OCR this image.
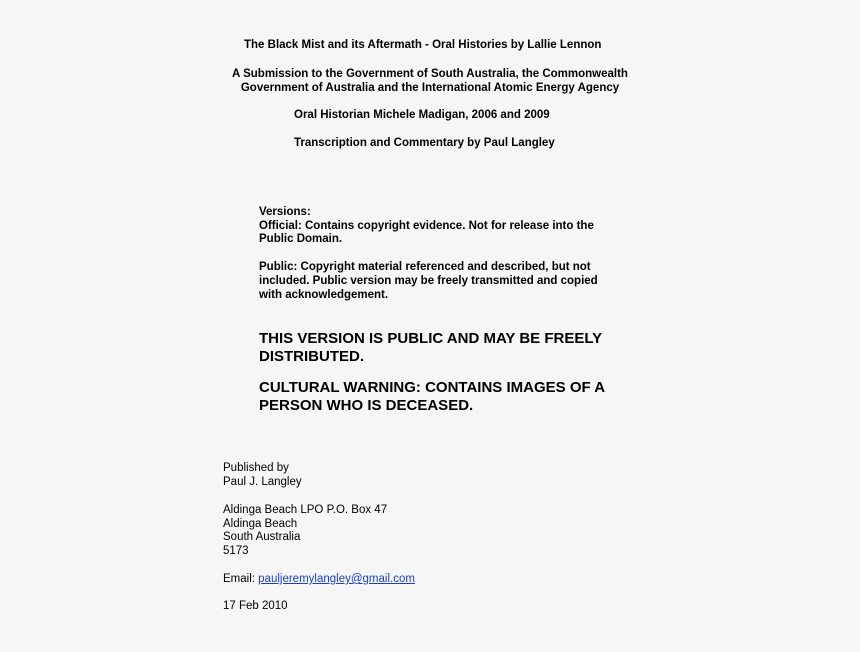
The Black Mist and its Aftermath - Oral Histories by Lallie Lennon
A Submission to the Government of South Australia, the Commonwealth
Government of Australia and the International Atomic Energy Agency
Oral Historian Michele Madigan, 2006 and 2009
Transcription and Commentary by Paul Langley
Versions:
Official: Contains copyright evidence. Not for release into the
Public Domain.
Public: Copyright material referenced and described, but not
included. Public version may be freely transmitted and copied
with acknowledgement.
THIS VERSION IS PUBLIC AND MAY BE FREELY
DISTRIBUTED.
CULTURAL WARNING: CONTAINS IMAGES OF A
PERSON WHO IS DECEASED.
Published by
Paul J. Langley
Aldinga Beach LPO P.O. Box 47
Aldinga Beach
South Australia
5173
Email: pauljeremylangley@gmail.com
17 Feb 2010
